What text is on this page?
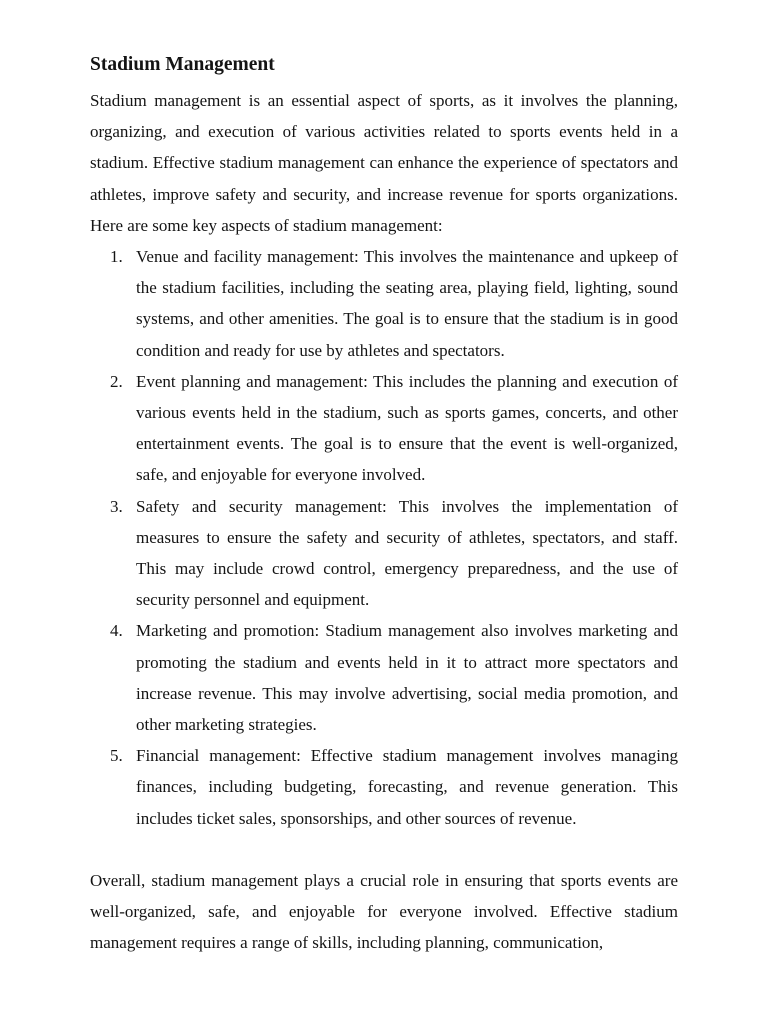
Stadium Management

Stadium management is an essential aspect of sports, as it involves the planning, organizing, and execution of various activities related to sports events held in a stadium. Effective stadium management can enhance the experience of spectators and athletes, improve safety and security, and increase revenue for sports organizations. Here are some key aspects of stadium management:

1. Venue and facility management: This involves the maintenance and upkeep of the stadium facilities, including the seating area, playing field, lighting, sound systems, and other amenities. The goal is to ensure that the stadium is in good condition and ready for use by athletes and spectators.
2. Event planning and management: This includes the planning and execution of various events held in the stadium, such as sports games, concerts, and other entertainment events. The goal is to ensure that the event is well-organized, safe, and enjoyable for everyone involved.
3. Safety and security management: This involves the implementation of measures to ensure the safety and security of athletes, spectators, and staff. This may include crowd control, emergency preparedness, and the use of security personnel and equipment.
4. Marketing and promotion: Stadium management also involves marketing and promoting the stadium and events held in it to attract more spectators and increase revenue. This may involve advertising, social media promotion, and other marketing strategies.
5. Financial management: Effective stadium management involves managing finances, including budgeting, forecasting, and revenue generation. This includes ticket sales, sponsorships, and other sources of revenue.

Overall, stadium management plays a crucial role in ensuring that sports events are well-organized, safe, and enjoyable for everyone involved. Effective stadium management requires a range of skills, including planning, communication,
